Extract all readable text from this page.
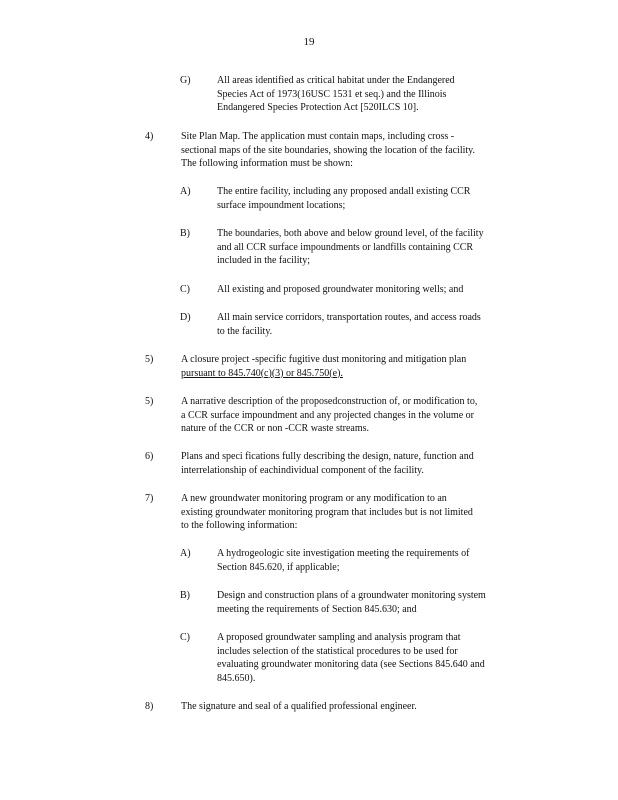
19
G)	All areas identified as critical habitat under the Endangered
Species Act of 1973(16USC 1531 et seq.) and the Illinois
Endangered Species Protection Act [520ILCS 10].
4)	Site Plan Map. The application must contain maps, including cross -
sectional maps of the site boundaries, showing the location of the facility.
The following information must be shown:
A)	The entire facility, including any proposed andall existing CCR
surface impoundment locations;
B)	The boundaries, both above and below ground level, of the facility
and all CCR surface impoundments or landfills containing CCR
included in the facility;
C)	All existing and proposed groundwater monitoring wells; and
D)	All main service corridors, transportation routes, and access roads
to the facility.
5)	A closure project -specific fugitive dust monitoring and mitigation plan
pursuant to 845.740(c)(3) or 845.750(e).
5)	A narrative description of the proposedconstruction of, or modification to,
a CCR surface impoundment and any projected changes in the volume or
nature of the CCR or non -CCR waste streams.
6)	Plans and speci fications fully describing the design, nature, function and
interrelationship of eachindividual component of the facility.
7)	A new groundwater monitoring program or any modification to an
existing groundwater monitoring program that includes but is not limited
to the following information:
A)	A hydrogeologic site investigation meeting the requirements of
Section 845.620, if applicable;
B)	Design and construction plans of a groundwater monitoring system
meeting the requirements of Section 845.630; and
C)	A proposed groundwater sampling and analysis program that
includes selection of the statistical procedures to be used for
evaluating groundwater monitoring data (see Sections 845.640 and
845.650).
8)	The signature and seal of a qualified professional engineer.
